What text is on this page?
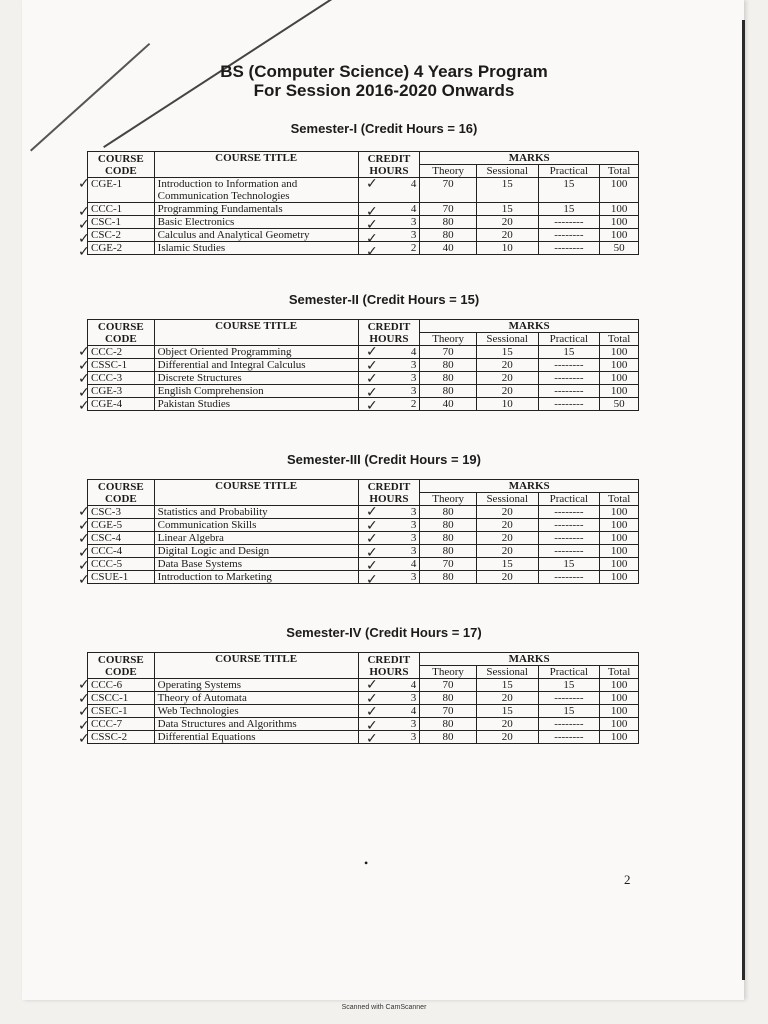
BS (Computer Science) 4 Years Program
For Session 2016-2020 Onwards
Semester-I (Credit Hours = 16)
✓	✓
✓	✓
✓	✓
✓	✓
✓	✓
COURSE
CODE	COURSE TITLE	CREDIT
HOURS	MARKS			
			Theory	Sessional	Practical	Total
CGE-1	Introduction to Information and Communication Technologies	4	70	15	15	100
CCC-1	Programming Fundamentals	4	70	15	15	100
CSC-1	Basic Electronics	3	80	20	--------	100
CSC-2	Calculus and Analytical Geometry	3	80	20	--------	100
CGE-2	Islamic Studies	2	40	10	--------	50
Semester-II (Credit Hours = 15)
✓	✓
✓	✓
✓	✓
✓	✓
✓	✓
COURSE
CODE	COURSE TITLE	CREDIT
HOURS	MARKS			
			Theory	Sessional	Practical	Total
CCC-2	Object Oriented Programming	4	70	15	15	100
CSSC-1	Differential and Integral Calculus	3	80	20	--------	100
CCC-3	Discrete Structures	3	80	20	--------	100
CGE-3	English Comprehension	3	80	20	--------	100
CGE-4	Pakistan Studies	2	40	10	--------	50
Semester-III (Credit Hours = 19)
✓	✓
✓	✓
✓	✓
✓	✓
✓	✓
✓	✓
COURSE
CODE	COURSE TITLE	CREDIT
HOURS	MARKS			
			Theory	Sessional	Practical	Total
CSC-3	Statistics and Probability	3	80	20	--------	100
CGE-5	Communication Skills	3	80	20	--------	100
CSC-4	Linear Algebra	3	80	20	--------	100
CCC-4	Digital Logic and Design	3	80	20	--------	100
CCC-5	Data Base Systems	4	70	15	15	100
CSUE-1	Introduction to Marketing	3	80	20	--------	100
Semester-IV (Credit Hours = 17)
✓	✓
✓	✓
✓	✓
✓	✓
✓	✓
COURSE
CODE	COURSE TITLE	CREDIT
HOURS	MARKS			
			Theory	Sessional	Practical	Total
CCC-6	Operating Systems	4	70	15	15	100
CSCC-1	Theory of Automata	3	80	20	--------	100
CSEC-1	Web Technologies	4	70	15	15	100
CCC-7	Data Structures and Algorithms	3	80	20	--------	100
CSSC-2	Differential Equations	3	80	20	--------	100
•
2
Scanned with CamScanner
